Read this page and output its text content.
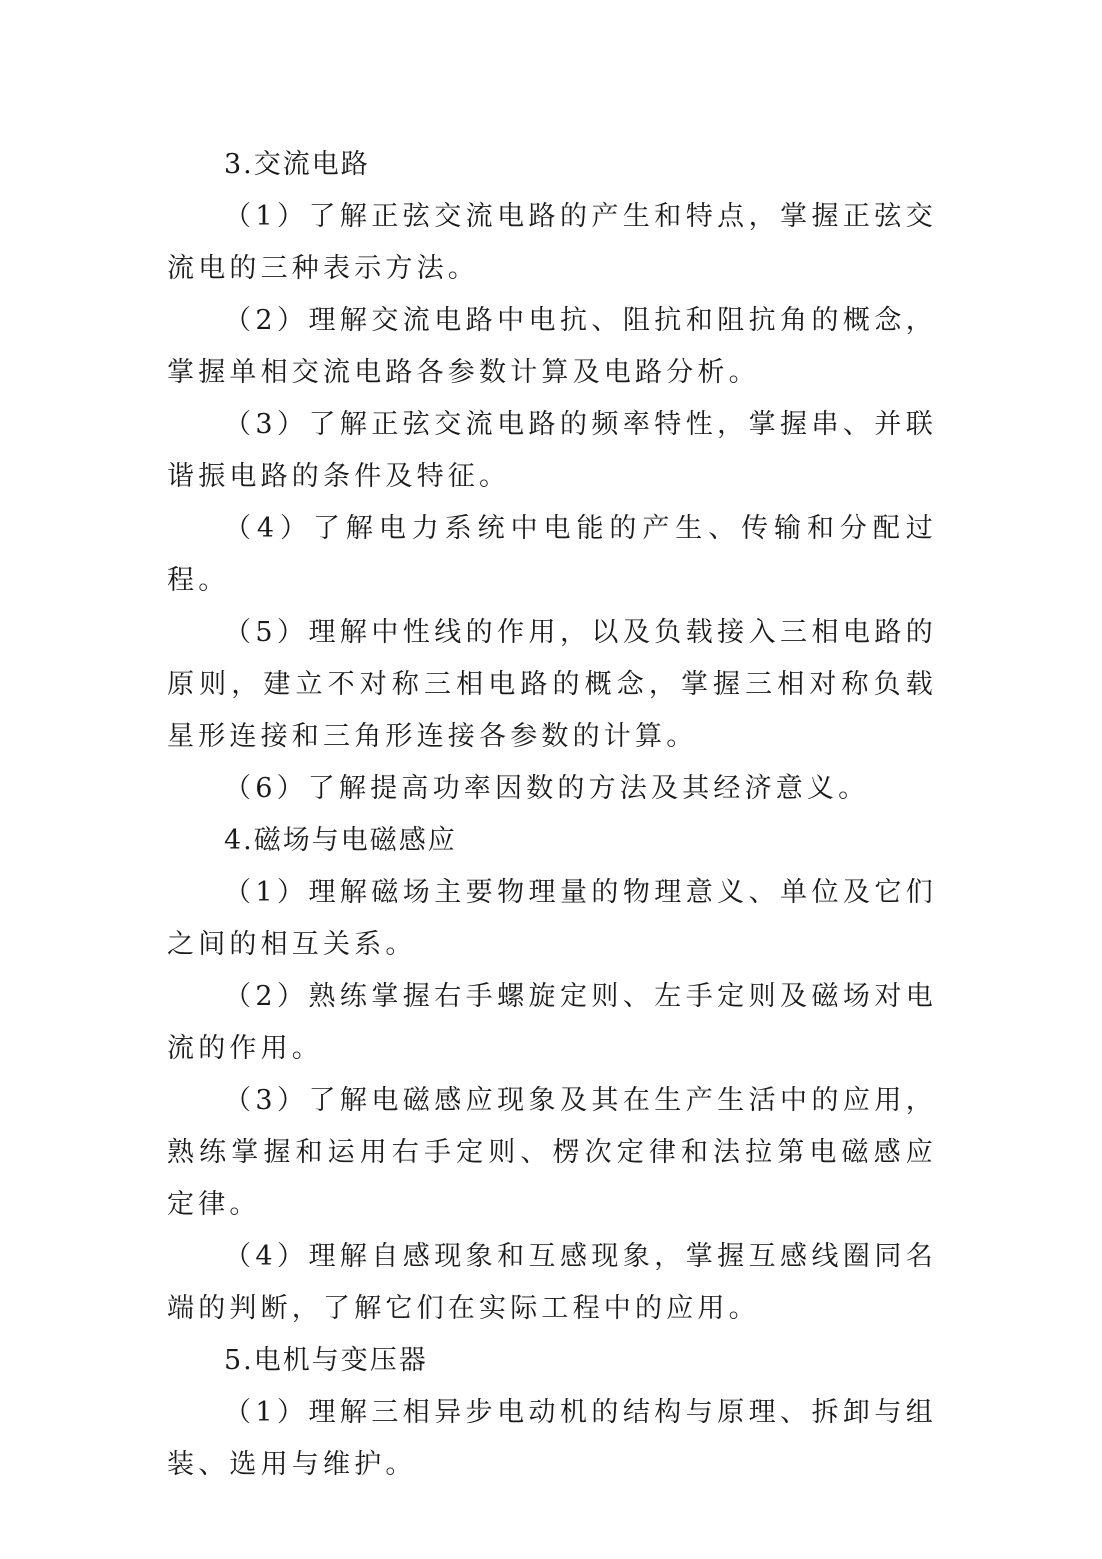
3.交流电路

（1）了解正弦交流电路的产生和特点，掌握正弦交流电的三种表示方法。

（2）理解交流电路中电抗、阻抗和阻抗角的概念，掌握单相交流电路各参数计算及电路分析。

（3）了解正弦交流电路的频率特性，掌握串、并联谐振电路的条件及特征。

（4）了解电力系统中电能的产生、传输和分配过程。

（5）理解中性线的作用，以及负载接入三相电路的原则，建立不对称三相电路的概念，掌握三相对称负载星形连接和三角形连接各参数的计算。

（6）了解提高功率因数的方法及其经济意义。

4.磁场与电磁感应

（1）理解磁场主要物理量的物理意义、单位及它们之间的相互关系。

（2）熟练掌握右手螺旋定则、左手定则及磁场对电流的作用。

（3）了解电磁感应现象及其在生产生活中的应用，熟练掌握和运用右手定则、楞次定律和法拉第电磁感应定律。

（4）理解自感现象和互感现象，掌握互感线圈同名端的判断，了解它们在实际工程中的应用。

5.电机与变压器

（1）理解三相异步电动机的结构与原理、拆卸与组装、选用与维护。
